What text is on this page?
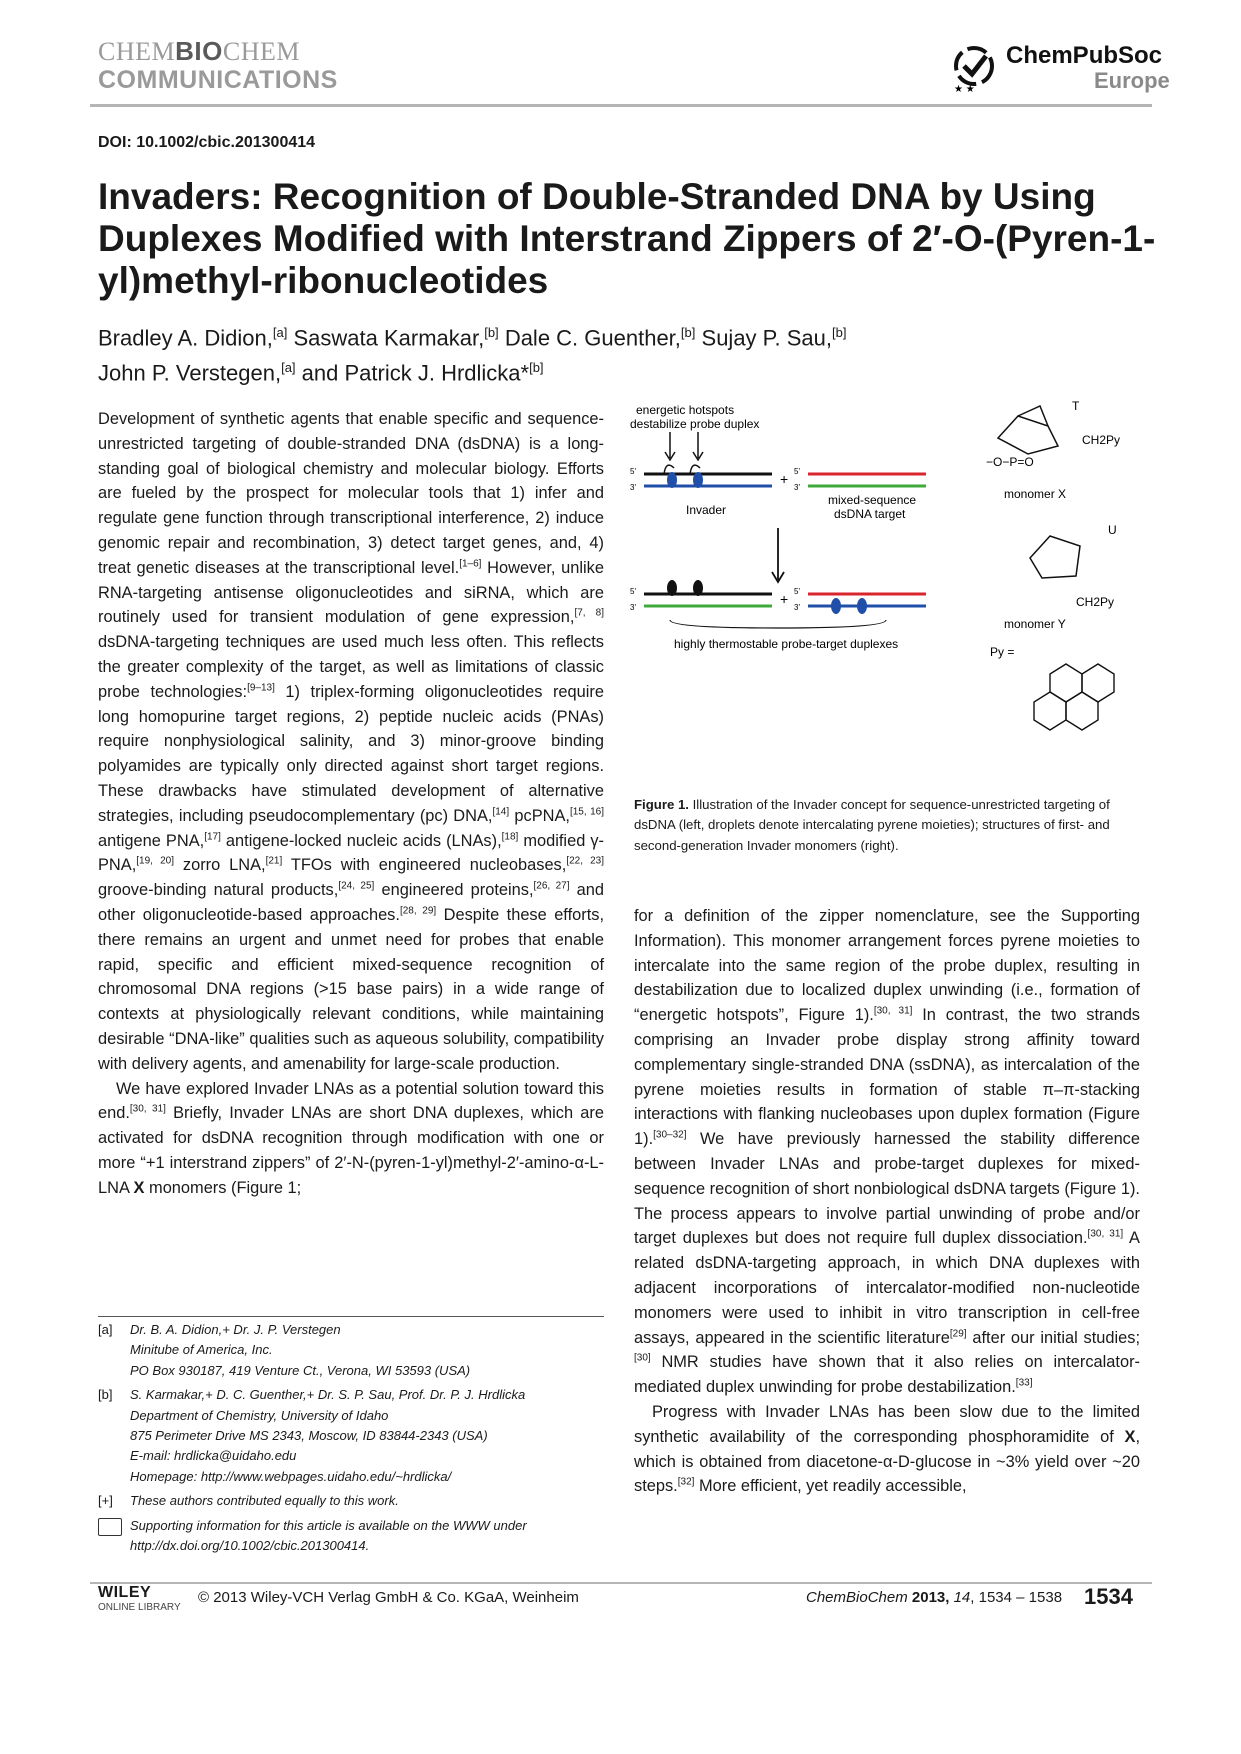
CHEMBIOCHEM
COMMUNICATIONS	★ ★
ChemPubSoc
Europe
DOI: 10.1002/cbic.201300414
Invaders: Recognition of Double-Stranded DNA by Using Duplexes Modified with Interstrand Zippers of 2′-O-(Pyren-1-yl)methyl-ribonucleotides
Bradley A. Didion,[a] Saswata Karmakar,[b] Dale C. Guenther,[b] Sujay P. Sau,[b]
John P. Verstegen,[a] and Patrick J. Hrdlicka*[b]

Development of synthetic agents that enable specific and sequence-unrestricted targeting of double-stranded DNA (dsDNA) is a long-standing goal of biological chemistry and molecular biology. Efforts are fueled by the prospect for molecular tools that 1) infer and regulate gene function through transcriptional interference, 2) induce genomic repair and recombination, 3) detect target genes, and, 4) treat genetic diseases at the transcriptional level.[1–6] However, unlike RNA-targeting antisense oligonucleotides and siRNA, which are routinely used for transient modulation of gene expression,[7, 8] dsDNA-targeting techniques are used much less often. This reflects the greater complexity of the target, as well as limitations of classic probe technologies:[9–13] 1) triplex-forming oligonucleotides require long homopurine target regions, 2) peptide nucleic acids (PNAs) require nonphysiological salinity, and 3) minor-groove binding polyamides are typically only directed against short target regions. These drawbacks have stimulated development of alternative strategies, including pseudocomplementary (pc) DNA,[14] pcPNA,[15, 16] antigene PNA,[17] antigene-locked nucleic acids (LNAs),[18] modified γ-PNA,[19, 20] zorro LNA,[21] TFOs with engineered nucleobases,[22, 23] groove-binding natural products,[24, 25] engineered proteins,[26, 27] and other oligonucleotide-based approaches.[28, 29] Despite these efforts, there remains an urgent and unmet need for probes that enable rapid, specific and efficient mixed-sequence recognition of chromosomal DNA regions (>15 base pairs) in a wide range of contexts at physiologically relevant conditions, while maintaining desirable “DNA-like” qualities such as aqueous solubility, compatibility with delivery agents, and amenability for large-scale production.

We have explored Invader LNAs as a potential solution toward this end.[30, 31] Briefly, Invader LNAs are short DNA duplexes, which are activated for dsDNA recognition through modification with one or more “+1 interstrand zippers” of 2′-N-(pyren-1-yl)methyl-2′-amino-α-L-LNA X monomers (Figure 1;

[a]	Dr. B. A. Didion,+ Dr. J. P. Verstegen
Minitube of America, Inc.
PO Box 930187, 419 Venture Ct., Verona, WI 53593 (USA)
[b]	S. Karmakar,+ D. C. Guenther,+ Dr. S. P. Sau, Prof. Dr. P. J. Hrdlicka
Department of Chemistry, University of Idaho
875 Perimeter Drive MS 2343, Moscow, ID 83844-2343 (USA)
E-mail: hrdlicka@uidaho.edu
Homepage: http://www.webpages.uidaho.edu/~hrdlicka/
[+]	These authors contributed equally to this work.
Supporting information for this article is available on the WWW under
http://dx.doi.org/10.1002/cbic.201300414.
energetic hotspots
destabilize probe duplex
5'
3'
Invader
+ 5'
3'
mixed-sequence
dsDNA target
5'
3'
+ 5'
3'
highly thermostable probe-target duplexes
T
CH2Py
−O−P=O
monomer X
U
CH2Py
monomer Y
Py =
Figure 1. Illustration of the Invader concept for sequence-unrestricted targeting of dsDNA (left, droplets denote intercalating pyrene moieties); structures of first- and second-generation Invader monomers (right).

for a definition of the zipper nomenclature, see the Supporting Information). This monomer arrangement forces pyrene moieties to intercalate into the same region of the probe duplex, resulting in destabilization due to localized duplex unwinding (i.e., formation of “energetic hotspots”, Figure 1).[30, 31] In contrast, the two strands comprising an Invader probe display strong affinity toward complementary single-stranded DNA (ssDNA), as intercalation of the pyrene moieties results in formation of stable π–π-stacking interactions with flanking nucleobases upon duplex formation (Figure 1).[30–32] We have previously harnessed the stability difference between Invader LNAs and probe-target duplexes for mixed-sequence recognition of short nonbiological dsDNA targets (Figure 1). The process appears to involve partial unwinding of probe and/or target duplexes but does not require full duplex dissociation.[30, 31] A related dsDNA-targeting approach, in which DNA duplexes with adjacent incorporations of intercalator-modified non-nucleotide monomers were used to inhibit in vitro transcription in cell-free assays, appeared in the scientific literature[29] after our initial studies;[30] NMR studies have shown that it also relies on intercalator-mediated duplex unwinding for probe destabilization.[33]

Progress with Invader LNAs has been slow due to the limited synthetic availability of the corresponding phosphoramidite of X, which is obtained from diacetone-α-D-glucose in ~3% yield over ~20 steps.[32] More efficient, yet readily accessible,

WILEY
ONLINE LIBRARY
© 2013 Wiley-VCH Verlag GmbH & Co. KGaA, Weinheim	ChemBioChem 2013, 14, 1534 – 1538 1534
